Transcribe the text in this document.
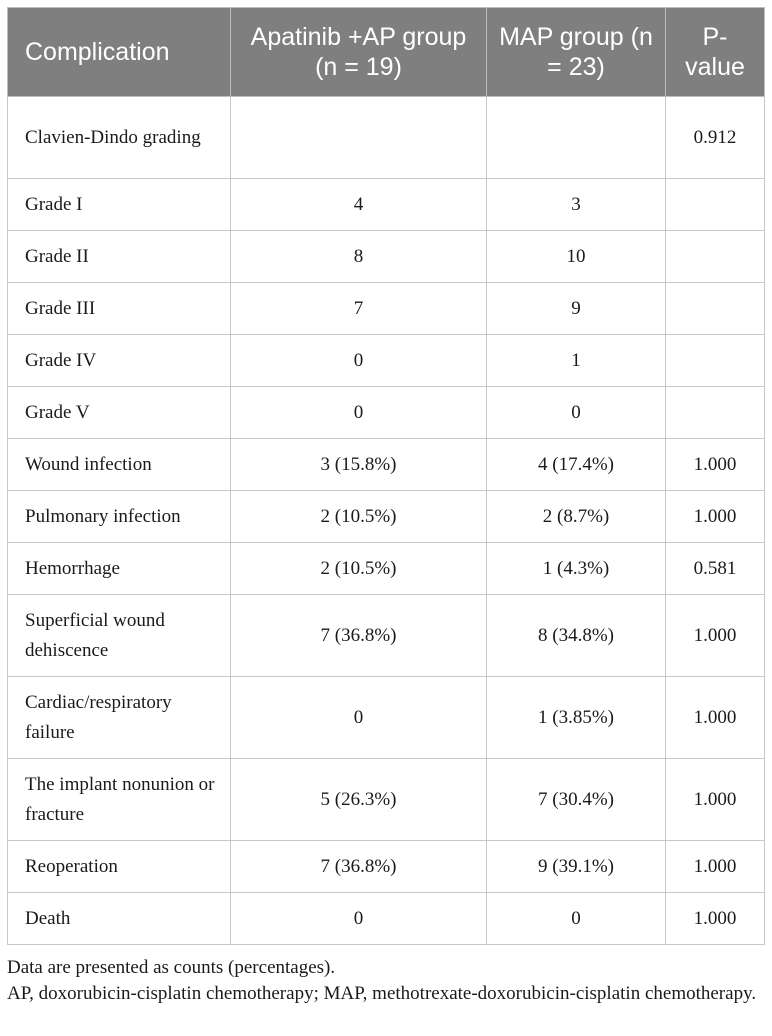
Complication	Apatinib +AP group (n = 19)	MAP group (n = 23)	P-value
Clavien-Dindo grading			0.912
Grade I	4	3	
Grade II	8	10	
Grade III	7	9	
Grade IV	0	1	
Grade V	0	0	
Wound infection	3 (15.8%)	4 (17.4%)	1.000
Pulmonary infection	2 (10.5%)	2 (8.7%)	1.000
Hemorrhage	2 (10.5%)	1 (4.3%)	0.581
Superficial wound dehiscence	7 (36.8%)	8 (34.8%)	1.000
Cardiac/respiratory failure	0	1 (3.85%)	1.000
The implant nonunion or fracture	5 (26.3%)	7 (30.4%)	1.000
Reoperation	7 (36.8%)	9 (39.1%)	1.000
Death	0	0	1.000

Data are presented as counts (percentages).

AP, doxorubicin-cisplatin chemotherapy; MAP, methotrexate-doxorubicin-cisplatin chemotherapy.
